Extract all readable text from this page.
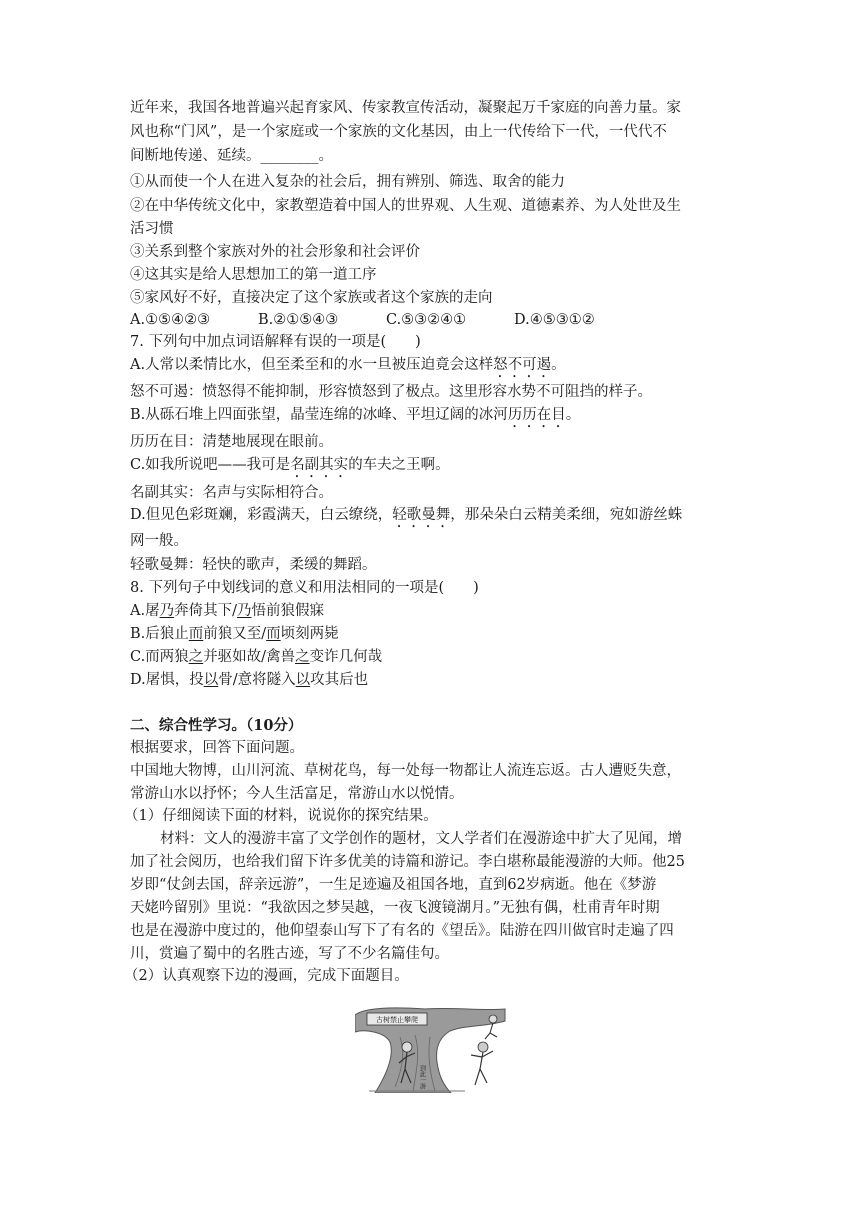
近年来，我国各地普遍兴起育家风、传家教宣传活动，凝聚起万千家庭的向善力量。家
风也称“门风”，是一个家庭或一个家族的文化基因，由上一代传给下一代，一代代不
间断地传递、延续。________。
①从而使一个人在进入复杂的社会后，拥有辨别、筛选、取舍的能力
②在中华传统文化中，家教塑造着中国人的世界观、人生观、道德素养、为人处世及生
活习惯
③关系到整个家族对外的社会形象和社会评价
④这其实是给人思想加工的第一道工序
⑤家风好不好，直接决定了这个家族或者这个家族的走向
A.①⑤④②③	B.②①⑤④③	C.⑤③②④①	D.④⑤③①②
7. 下列句中加点词语解释有误的一项是(　　)
A.人常以柔情比水，但至柔至和的水一旦被压迫竟会这样怒不可遏。
怒不可遏：愤怒得不能抑制，形容愤怒到了极点。这里形容水势不可阻挡的样子。
B.从砾石堆上四面张望，晶莹连绵的冰峰、平坦辽阔的冰河历历在目。
历历在目：清楚地展现在眼前。
C.如我所说吧——我可是名副其实的车夫之王啊。
名副其实：名声与实际相符合。
D.但见色彩斑斓，彩霞满天，白云缭绕，轻歌曼舞，那朵朵白云精美柔细，宛如游丝蛛
网一般。
轻歌曼舞：轻快的歌声，柔缓的舞蹈。
8. 下列句子中划线词的意义和用法相同的一项是(　　)
A.屠乃奔倚其下/乃悟前狼假寐
B.后狼止而前狼又至/而顷刻两毙
C.而两狼之并驱如故/禽兽之变诈几何哉
D.屠惧，投以骨/意将隧入以攻其后也
二、综合性学习。（10分）
根据要求，回答下面问题。
中国地大物博，山川河流、草树花鸟，每一处每一物都让人流连忘返。古人遭贬失意，
常游山水以抒怀；今人生活富足，常游山水以悦情。
（1）仔细阅读下面的材料，说说你的探究结果。
材料：文人的漫游丰富了文学创作的题材，文人学者们在漫游途中扩大了见闻，增
加了社会阅历，也给我们留下许多优美的诗篇和游记。李白堪称最能漫游的大师。他25
岁即“仗剑去国，辞亲远游”，一生足迹遍及祖国各地，直到62岁病逝。他在《梦游
天姥吟留别》里说：“我欲因之梦吴越，一夜飞渡镜湖月。”无独有偶，杜甫青年时期
也是在漫游中度过的，他仰望泰山写下了有名的《望岳》。陆游在四川做官时走遍了四
川，赏遍了蜀中的名胜古迹，写了不少名篇佳句。
（2）认真观察下边的漫画，完成下面题目。
古树禁止攀爬
到此一游
